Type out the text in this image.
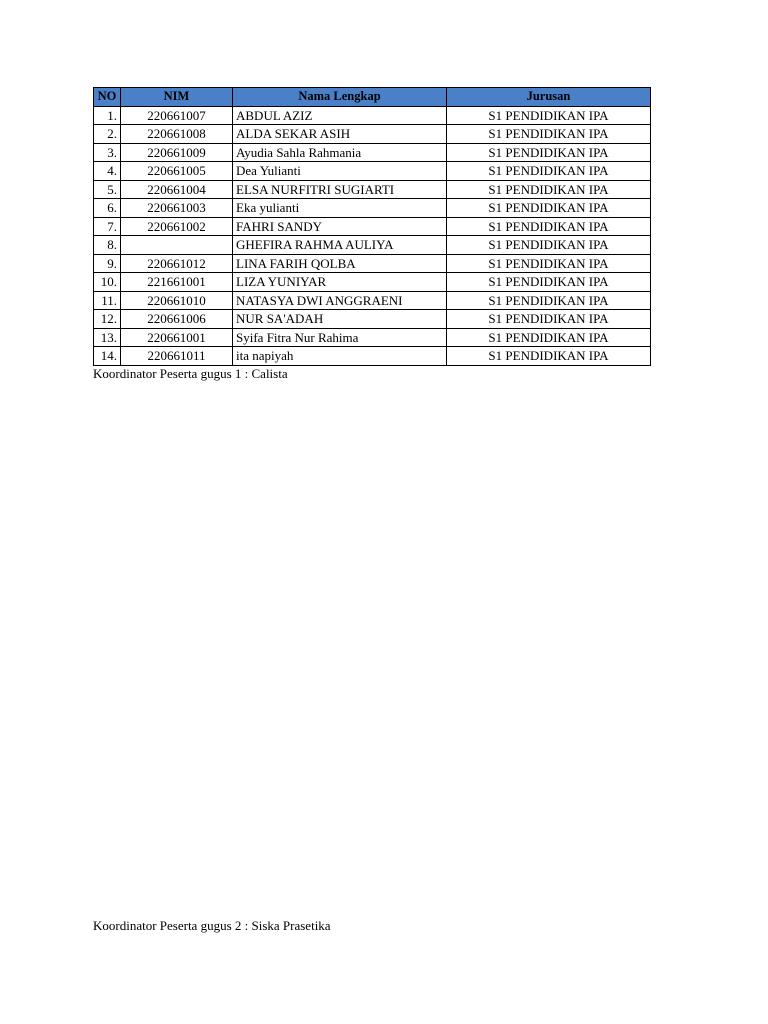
NO	NIM	Nama Lengkap	Jurusan
1.	220661007	ABDUL AZIZ	S1 PENDIDIKAN IPA
2.	220661008	ALDA SEKAR ASIH	S1 PENDIDIKAN IPA
3.	220661009	Ayudia Sahla Rahmania	S1 PENDIDIKAN IPA
4.	220661005	Dea Yulianti	S1 PENDIDIKAN IPA
5.	220661004	ELSA NURFITRI SUGIARTI	S1 PENDIDIKAN IPA
6.	220661003	Eka yulianti	S1 PENDIDIKAN IPA
7.	220661002	FAHRI SANDY	S1 PENDIDIKAN IPA
8.		GHEFIRA RAHMA AULIYA	S1 PENDIDIKAN IPA
9.	220661012	LINA FARIH QOLBA	S1 PENDIDIKAN IPA
10.	221661001	LIZA YUNIYAR	S1 PENDIDIKAN IPA
11.	220661010	NATASYA DWI ANGGRAENI	S1 PENDIDIKAN IPA
12.	220661006	NUR SA'ADAH	S1 PENDIDIKAN IPA
13.	220661001	Syifa Fitra Nur Rahima	S1 PENDIDIKAN IPA
14.	220661011	ita napiyah	S1 PENDIDIKAN IPA
Koordinator Peserta gugus 1 : Calista
Koordinator Peserta gugus 2 : Siska Prasetika
